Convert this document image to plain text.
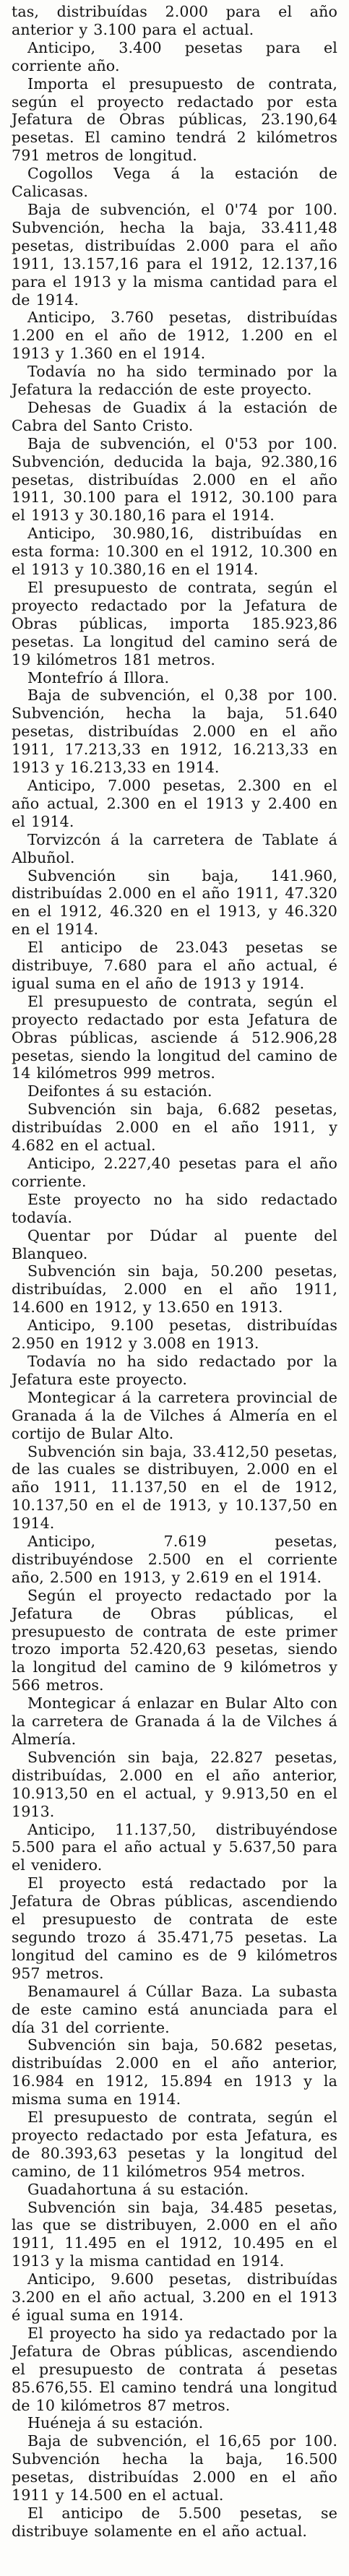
tas, distribuídas 2.000 para el año anterior y 3.100 para el actual.

Anticipo, 3.400 pesetas para el corriente año.

Importa el presupuesto de contrata, según el proyecto redactado por esta Jefatura de Obras públicas, 23.190,64 pesetas. El camino tendrá 2 kilómetros 791 metros de longitud.

Cogollos Vega á la estación de Calicasas.

Baja de subvención, el 0'74 por 100. Subvención, hecha la baja, 33.411,48 pesetas, distribuídas 2.000 para el año 1911, 13.157,16 para el 1912, 12.137,16 para el 1913 y la misma cantidad para el de 1914.

Anticipo, 3.760 pesetas, distribuídas 1.200 en el año de 1912, 1.200 en el 1913 y 1.360 en el 1914.

Todavía no ha sido terminado por la Jefatura la redacción de este proyecto.

Dehesas de Guadix á la estación de Cabra del Santo Cristo.

Baja de subvención, el 0'53 por 100. Subvención, deducida la baja, 92.380,16 pesetas, distribuídas 2.000 en el año 1911, 30.100 para el 1912, 30.100 para el 1913 y 30.180,16 para el 1914.

Anticipo, 30.980,16, distribuídas en esta forma: 10.300 en el 1912, 10.300 en el 1913 y 10.380,16 en el 1914.

El presupuesto de contrata, según el proyecto redactado por la Jefatura de Obras públicas, importa 185.923,86 pesetas. La longitud del camino será de 19 kilómetros 181 metros.

Montefrío á Illora.

Baja de subvención, el 0,38 por 100. Subvención, hecha la baja, 51.640 pesetas, distribuídas 2.000 en el año 1911, 17.213,33 en 1912, 16.213,33 en 1913 y 16.213,33 en 1914.

Anticipo, 7.000 pesetas, 2.300 en el año actual, 2.300 en el 1913 y 2.400 en el 1914.

Torvizcón á la carretera de Tablate á Albuñol.

Subvención sin baja, 141.960, distribuídas 2.000 en el año 1911, 47.320 en el 1912, 46.320 en el 1913, y 46.320 en el 1914.

El anticipo de 23.043 pesetas se distribuye, 7.680 para el año actual, é igual suma en el año de 1913 y 1914.

El presupuesto de contrata, según el proyecto redactado por esta Jefatura de Obras públicas, asciende á 512.906,28 pesetas, siendo la longitud del camino de 14 kilómetros 999 metros.

Deifontes á su estación.

Subvención sin baja, 6.682 pesetas, distribuídas 2.000 en el año 1911, y 4.682 en el actual.

Anticipo, 2.227,40 pesetas para el año corriente.

Este proyecto no ha sido redactado todavía.

Quentar por Dúdar al puente del Blanqueo.

Subvención sin baja, 50.200 pesetas, distribuídas, 2.000 en el año 1911, 14.600 en 1912, y 13.650 en 1913.

Anticipo, 9.100 pesetas, distribuídas 2.950 en 1912 y 3.008 en 1913.

Todavía no ha sido redactado por la Jefatura este proyecto.

Montegicar á la carretera provincial de Granada á la de Vilches á Almería en el cortijo de Bular Alto.

Subvención sin baja, 33.412,50 pesetas, de las cuales se distribuyen, 2.000 en el año 1911, 11.137,50 en el de 1912, 10.137,50 en el de 1913, y 10.137,50 en 1914.

Anticipo, 7.619 pesetas, distribuyéndose 2.500 en el corriente año, 2.500 en 1913, y 2.619 en el 1914.

Según el proyecto redactado por la Jefatura de Obras públicas, el presupuesto de contrata de este primer trozo importa 52.420,63 pesetas, siendo la longitud del camino de 9 kilómetros y 566 metros.

Montegicar á enlazar en Bular Alto con la carretera de Granada á la de Vilches á Almería.

Subvención sin baja, 22.827 pesetas, distribuídas, 2.000 en el año anterior, 10.913,50 en el actual, y 9.913,50 en el 1913.

Anticipo, 11.137,50, distribuyéndose 5.500 para el año actual y 5.637,50 para el venidero.

El proyecto está redactado por la Jefatura de Obras públicas, ascendiendo el presupuesto de contrata de este segundo trozo á 35.471,75 pesetas. La longitud del camino es de 9 kilómetros 957 metros.

Benamaurel á Cúllar Baza. La subasta de este camino está anunciada para el día 31 del corriente.

Subvención sin baja, 50.682 pesetas, distribuídas 2.000 en el año anterior, 16.984 en 1912, 15.894 en 1913 y la misma suma en 1914.

El presupuesto de contrata, según el proyecto redactado por esta Jefatura, es de 80.393,63 pesetas y la longitud del camino, de 11 kilómetros 954 metros.

Guadahortuna á su estación.

Subvención sin baja, 34.485 pesetas, las que se distribuyen, 2.000 en el año 1911, 11.495 en el 1912, 10.495 en el 1913 y la misma cantidad en 1914.

Anticipo, 9.600 pesetas, distribuídas 3.200 en el año actual, 3.200 en el 1913 é igual suma en 1914.

El proyecto ha sido ya redactado por la Jefatura de Obras públicas, ascendiendo el presupuesto de contrata á pesetas 85.676,55. El camino tendrá una longitud de 10 kilómetros 87 metros.

Huéneja á su estación.

Baja de subvención, el 16,65 por 100. Subvención hecha la baja, 16.500 pesetas, distribuídas 2.000 en el año 1911 y 14.500 en el actual.

El anticipo de 5.500 pesetas, se distribuye solamente en el año actual.
